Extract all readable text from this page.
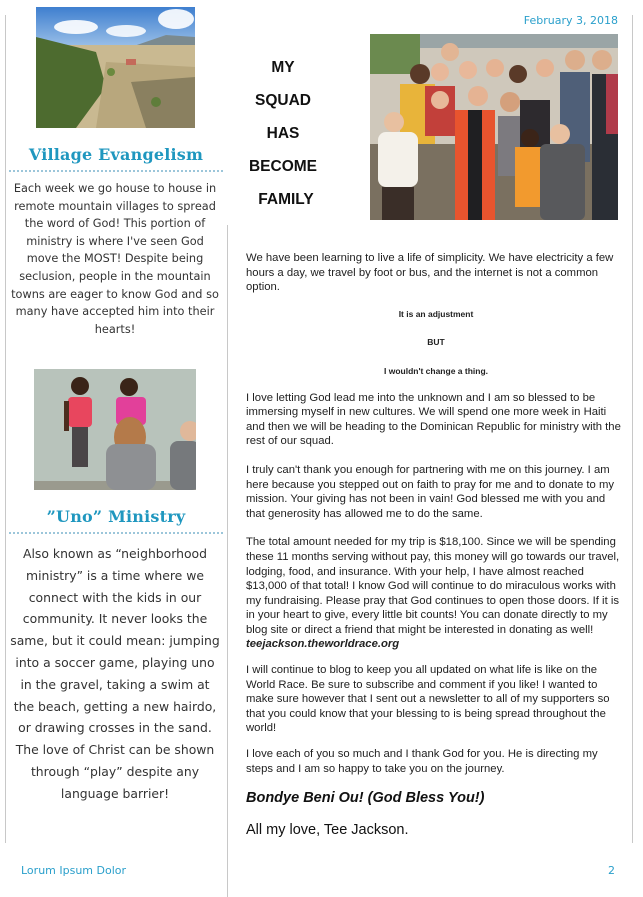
Village Evangelism
Each week we go house to house in remote mountain villages to spread the word of God! This portion of ministry is where I've seen God move the MOST! Despite being seclusion, people in the mountain towns are eager to know God and so many have accepted him into their hearts!
”Uno” Ministry
Also known as “neighborhood ministry” is a time where we connect with the kids in our community. It never looks the same, but it could mean: jumping into a soccer game, playing uno in the gravel, taking a swim at the beach, getting a new hairdo, or drawing crosses in the sand. The love of Christ can be shown through “play” despite any language barrier!
February 3, 2018
MY
SQUAD
HAS
BECOME
FAMILY

We have been learning to live a life of simplicity. We have electricity a few hours a day, we travel by foot or bus, and the internet is not a common option.

It is an adjustment

BUT

I wouldn't change a thing.

I love letting God lead me into the unknown and I am so blessed to be immersing myself in new cultures. We will spend one more week in Haiti and then we will be heading to the Dominican Republic for ministry with the rest of our squad.

I truly can't thank you enough for partnering with me on this journey. I am here because you stepped out on faith to pray for me and to donate to my mission. Your giving has not been in vain! God blessed me with you and that generosity has allowed me to do the same.

The total amount needed for my trip is $18,100. Since we will be spending these 11 months serving without pay, this money will go towards our travel, lodging, food, and insurance. With your help, I have almost reached $13,000 of that total! I know God will continue to do miraculous works with my fundraising. Please pray that God continues to open those doors. If it is in your heart to give, every little bit counts! You can donate directly to my blog site or direct a friend that might be interested in donating as well!

teejackson.theworldrace.org

I will continue to blog to keep you all updated on what life is like on the World Race. Be sure to subscribe and comment if you like! I wanted to make sure however that I sent out a newsletter to all of my supporters so that you could know that your blessing to is being spread throughout the world!

I love each of you so much and I thank God for you. He is directing my steps and I am so happy to take you on the journey.

Bondye Beni Ou! (God Bless You!)
All my love, Tee Jackson.
Lorum Ipsum Dolor	2
